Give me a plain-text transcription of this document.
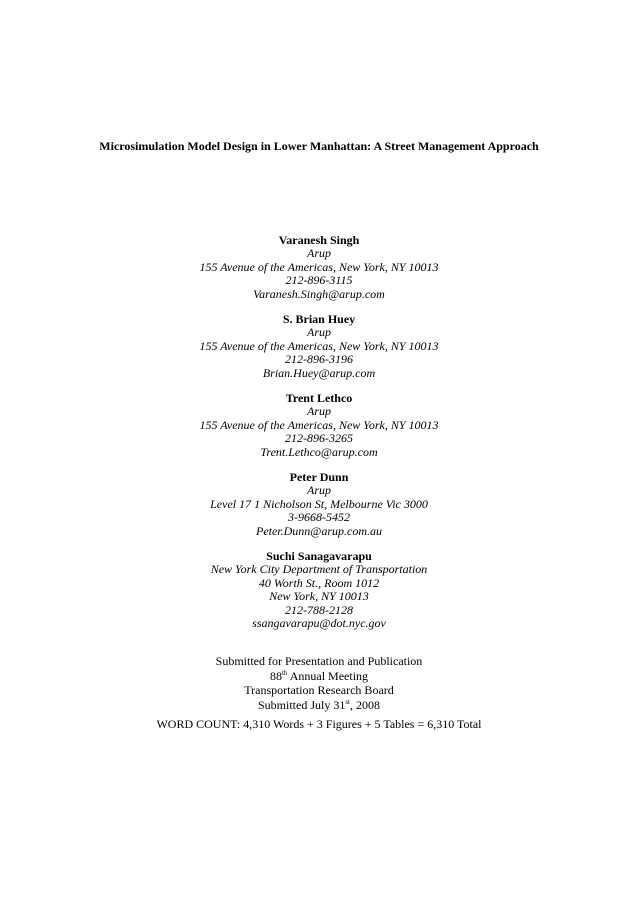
Microsimulation Model Design in Lower Manhattan: A Street Management Approach
Varanesh Singh
Arup
155 Avenue of the Americas, New York, NY 10013
212-896-3115
Varanesh.Singh@arup.com
S. Brian Huey
Arup
155 Avenue of the Americas, New York, NY 10013
212-896-3196
Brian.Huey@arup.com
Trent Lethco
Arup
155 Avenue of the Americas, New York, NY 10013
212-896-3265
Trent.Lethco@arup.com
Peter Dunn
Arup
Level 17 1 Nicholson St, Melbourne Vic 3000
3-9668-5452
Peter.Dunn@arup.com.au
Suchi Sanagavarapu
New York City Department of Transportation
40 Worth St., Room 1012
New York, NY 10013
212-788-2128
ssangavarapu@dot.nyc.gov
Submitted for Presentation and Publication
88th Annual Meeting
Transportation Research Board
Submitted July 31st, 2008
WORD COUNT: 4,310 Words + 3 Figures + 5 Tables = 6,310 Total
